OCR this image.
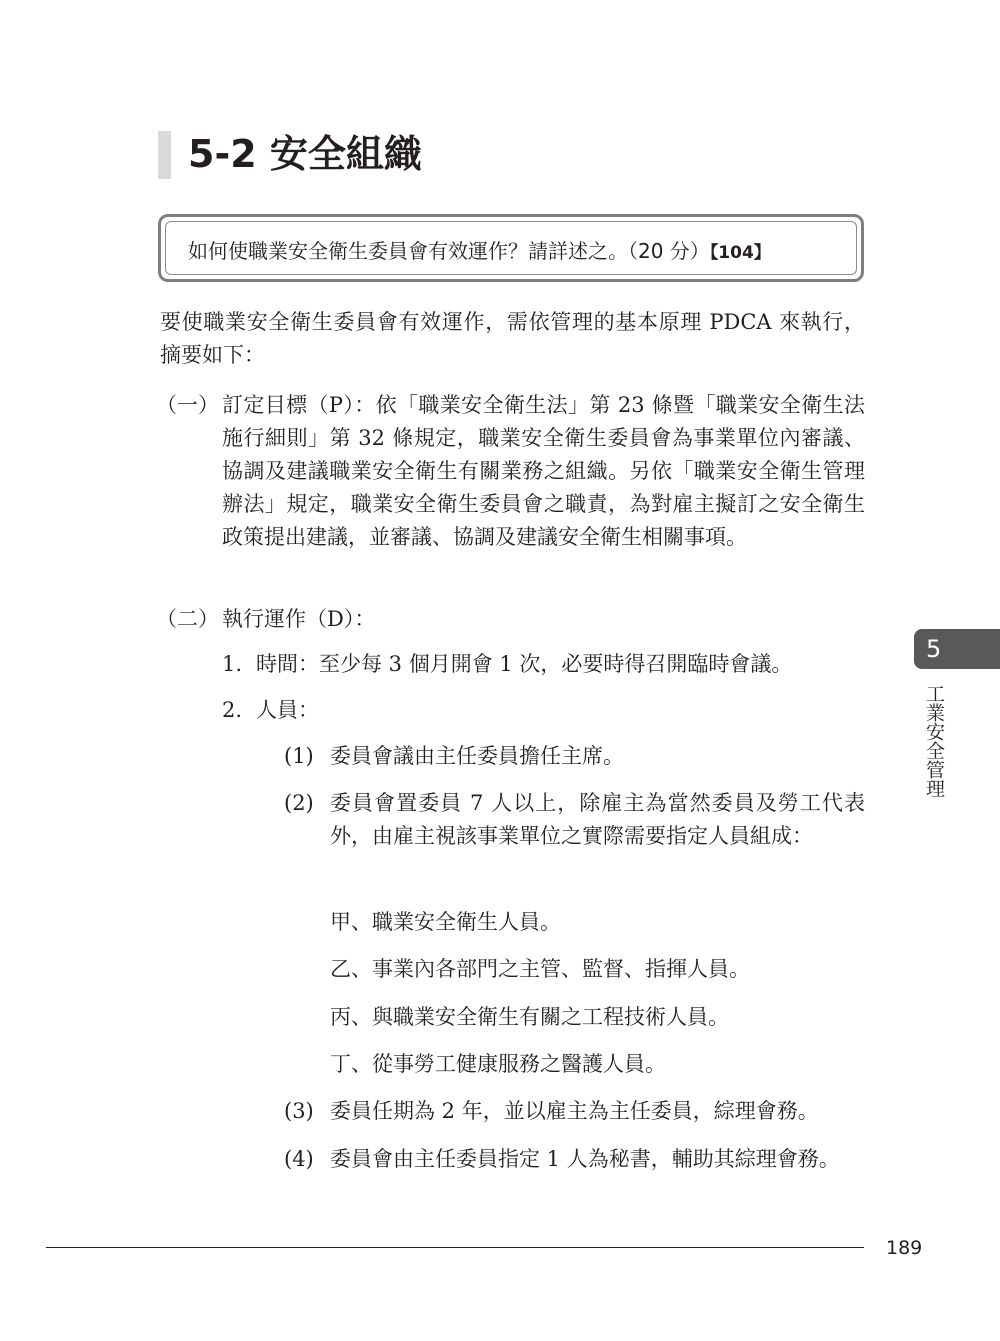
5-2 安全組織
如何使職業安全衛生委員會有效運作？請詳述之。（20 分）【104】
要使職業安全衛生委員會有效運作，需依管理的基本原理 PDCA 來執行，摘要如下：
（一） 訂定目標（P）：依「職業安全衛生法」第 23 條暨「職業安全衛生法施行細則」第 32 條規定，職業安全衛生委員會為事業單位內審議、協調及建議職業安全衛生有關業務之組織。另依「職業安全衛生管理辦法」規定，職業安全衛生委員會之職責，為對雇主擬訂之安全衛生政策提出建議，並審議、協調及建議安全衛生相關事項。
（二） 執行運作（D）：
1. 時間：至少每 3 個月開會 1 次，必要時得召開臨時會議。
2. 人員：
(1) 委員會議由主任委員擔任主席。
(2) 委員會置委員 7 人以上，除雇主為當然委員及勞工代表外，由雇主視該事業單位之實際需要指定人員組成：
甲、職業安全衛生人員。
乙、事業內各部門之主管、監督、指揮人員。
丙、與職業安全衛生有關之工程技術人員。
丁、從事勞工健康服務之醫護人員。
(3) 委員任期為 2 年，並以雇主為主任委員，綜理會務。
(4) 委員會由主任委員指定 1 人為秘書，輔助其綜理會務。
5
工業安全管理
189
